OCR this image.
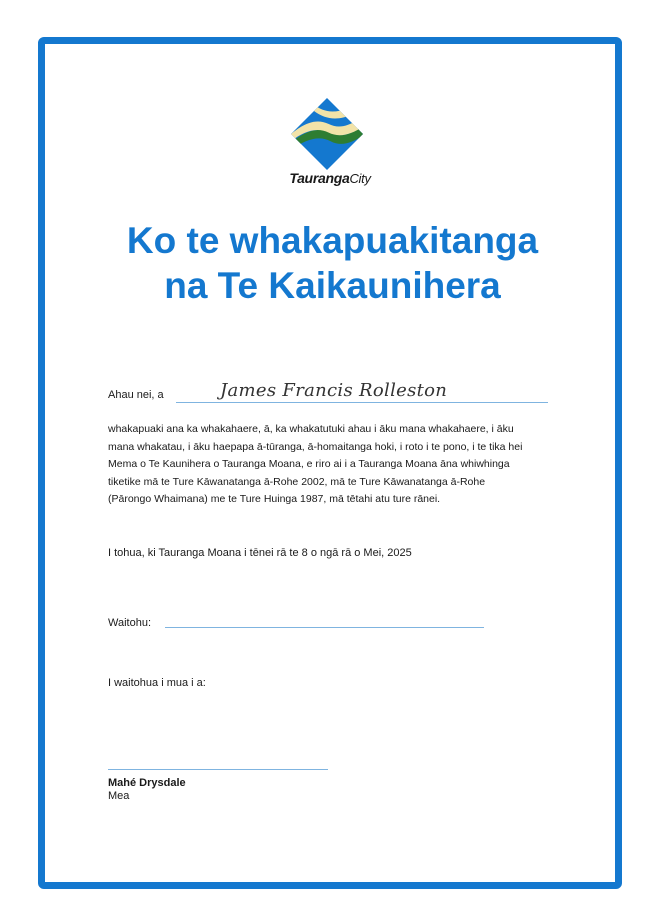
TaurangaCity
Ko te whakapuakitanga
na Te Kaikaunihera
Ahau nei, a	James Francis Rolleston
whakapuaki ana ka whakahaere, ā, ka whakatutuki ahau i āku mana whakahaere, i āku mana whakatau, i āku haepapa ā-tūranga, ā-homaitanga hoki, i roto i te pono, i te tika hei Mema o Te Kaunihera o Tauranga Moana, e riro ai i a Tauranga Moana āna whiwhinga tiketike mā te Ture Kāwanatanga ā-Rohe 2002, mā te Ture Kāwanatanga ā-Rohe (Pārongo Whaimana) me te Ture Huinga 1987, mā tētahi atu ture rānei.
I tohua, ki Tauranga Moana i tēnei rā te 8 o ngā rā o Mei, 2025
Waitohu:
I waitohua i mua i a:
Mahé Drysdale
Mea
